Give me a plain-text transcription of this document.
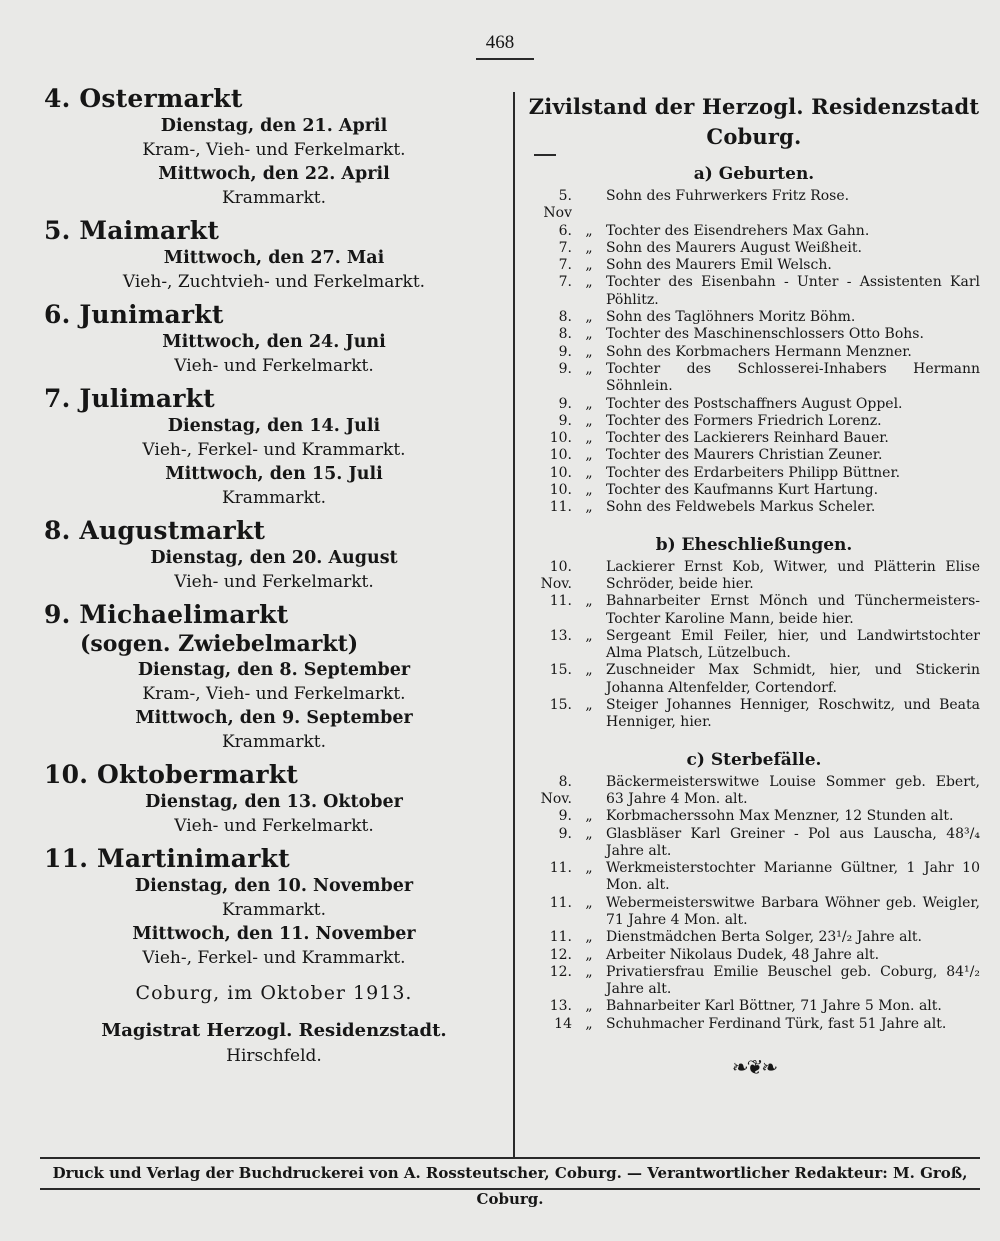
468
4. Ostermarkt
Dienstag, den 21. April
Kram-, Vieh- und Ferkelmarkt.
Mittwoch, den 22. April
Krammarkt.
5. Maimarkt
Mittwoch, den 27. Mai
Vieh-, Zuchtvieh- und Ferkelmarkt.
6. Junimarkt
Mittwoch, den 24. Juni
Vieh- und Ferkelmarkt.
7. Julimarkt
Dienstag, den 14. Juli
Vieh-, Ferkel- und Krammarkt.
Mittwoch, den 15. Juli
Krammarkt.
8. Augustmarkt
Dienstag, den 20. August
Vieh- und Ferkelmarkt.
9. Michaelimarkt
(sogen. Zwiebelmarkt)
Dienstag, den 8. September
Kram-, Vieh- und Ferkelmarkt.
Mittwoch, den 9. September
Krammarkt.
10. Oktobermarkt
Dienstag, den 13. Oktober
Vieh- und Ferkelmarkt.
11. Martinimarkt
Dienstag, den 10. November
Krammarkt.
Mittwoch, den 11. November
Vieh-, Ferkel- und Krammarkt.
Coburg, im Oktober 1913.
Magistrat Herzogl. Residenzstadt.
Hirschfeld.
Zivilstand der Herzogl. Residenzstadt Coburg.
a) Geburten.
5. Nov
Sohn des Fuhrwerkers Fritz Rose.
6. „ Tochter des Eisendrehers Max Gahn.
7. „ Sohn des Maurers August Weißheit.
7. „ Sohn des Maurers Emil Welsch.
7. „ Tochter des Eisenbahn - Unter - Assistenten Karl Pöhlitz.
8. „ Sohn des Taglöhners Moritz Böhm.
8. „ Tochter des Maschinenschlossers Otto Bohs.
9. „ Sohn des Korbmachers Hermann Menzner.
9. „ Tochter des Schlosserei-Inhabers Hermann Söhnlein.
9. „ Tochter des Postschaffners August Oppel.
9. „ Tochter des Formers Friedrich Lorenz.
10. „ Tochter des Lackierers Reinhard Bauer.
10. „ Tochter des Maurers Christian Zeuner.
10. „ Tochter des Erdarbeiters Philipp Büttner.
10. „ Tochter des Kaufmanns Kurt Hartung.
11. „ Sohn des Feldwebels Markus Scheler.
b) Eheschließungen.
10. Nov.
Lackierer Ernst Kob, Witwer, und Plätterin Elise Schröder, beide hier.
11. „ Bahnarbeiter Ernst Mönch und Tünchermeisters-Tochter Karoline Mann, beide hier.
13. „ Sergeant Emil Feiler, hier, und Landwirtstochter Alma Platsch, Lützelbuch.
15. „ Zuschneider Max Schmidt, hier, und Stickerin Johanna Altenfelder, Cortendorf.
15. „ Steiger Johannes Henniger, Roschwitz, und Beata Henniger, hier.
c) Sterbefälle.
8. Nov.
Bäckermeisterswitwe Louise Sommer geb. Ebert, 63 Jahre 4 Mon. alt.
9. „ Korbmacherssohn Max Menzner, 12 Stunden alt.
9. „ Glasbläser Karl Greiner - Pol aus Lauscha, 48³/₄ Jahre alt.
11. „ Werkmeisterstochter Marianne Gültner, 1 Jahr 10 Mon. alt.
11. „ Webermeisterswitwe Barbara Wöhner geb. Weigler, 71 Jahre 4 Mon. alt.
11. „ Dienstmädchen Berta Solger, 23¹/₂ Jahre alt.
12. „ Arbeiter Nikolaus Dudek, 48 Jahre alt.
12. „ Privatiersfrau Emilie Beuschel geb. Coburg, 84¹/₂ Jahre alt.
13. „ Bahnarbeiter Karl Böttner, 71 Jahre 5 Mon. alt.
14 „ Schuhmacher Ferdinand Türk, fast 51 Jahre alt.
❧❦❧
Druck und Verlag der Buchdruckerei von A. Rossteutscher, Coburg. — Verantwortlicher Redakteur: M. Groß, Coburg.
